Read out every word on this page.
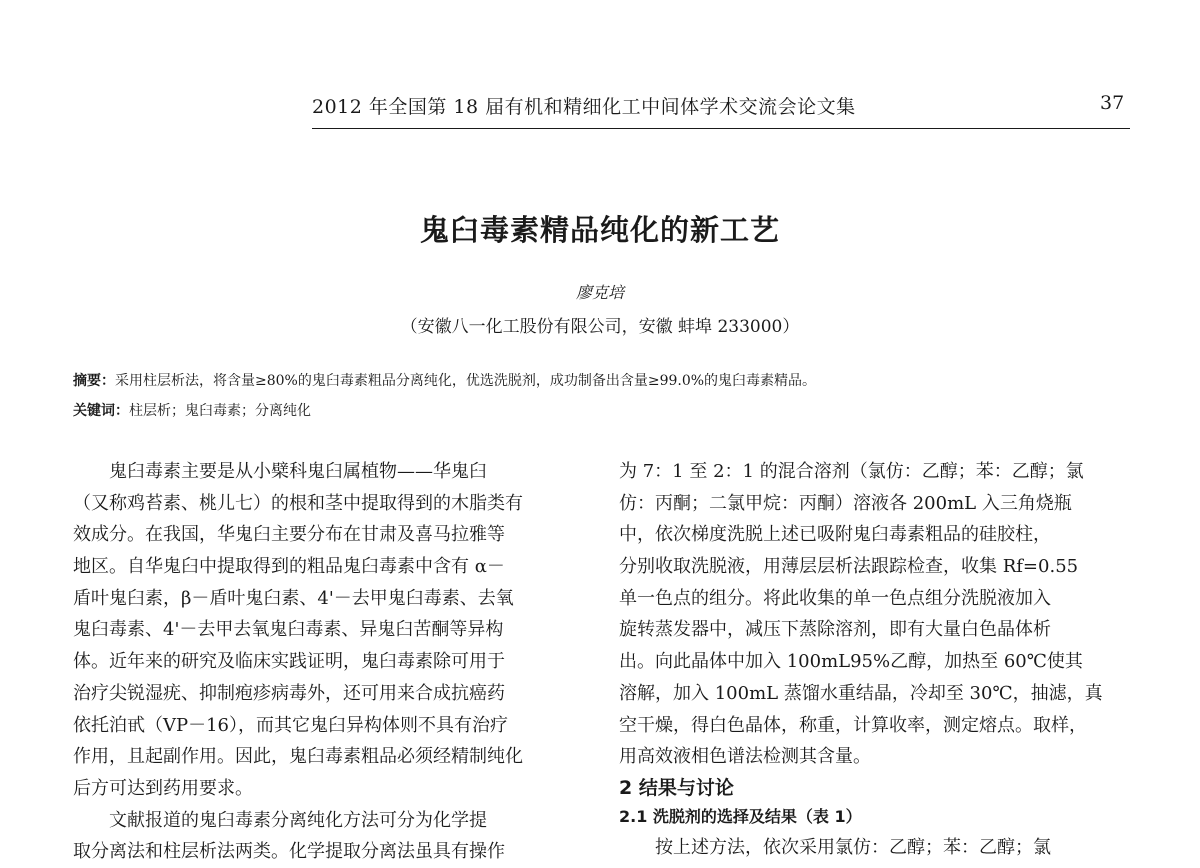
2012 年全国第 18 届有机和精细化工中间体学术交流会论文集	37
鬼臼毒素精品纯化的新工艺
廖克培
（安徽八一化工股份有限公司，安徽 蚌埠 233000）
摘要：采用柱层析法，将含量≥80%的鬼臼毒素粗品分离纯化，优选洗脱剂，成功制备出含量≥99.0%的鬼臼毒素精品。
关键词：柱层析；鬼臼毒素；分离纯化
　　鬼臼毒素主要是从小檗科鬼臼属植物——华鬼臼
（又称鸡苔素、桃儿七）的根和茎中提取得到的木脂类有
效成分。在我国，华鬼臼主要分布在甘肃及喜马拉雅等
地区。自华鬼臼中提取得到的粗品鬼臼毒素中含有 α－
盾叶鬼臼素，β－盾叶鬼臼素、4'－去甲鬼臼毒素、去氧
鬼臼毒素、4'－去甲去氧鬼臼毒素、异鬼臼苦酮等异构
体。近年来的研究及临床实践证明，鬼臼毒素除可用于
治疗尖锐湿疣、抑制疱疹病毒外，还可用来合成抗癌药
依托泊甙（VP－16），而其它鬼臼异构体则不具有治疗
作用，且起副作用。因此，鬼臼毒素粗品必须经精制纯化
后方可达到药用要求。
　　文献报道的鬼臼毒素分离纯化方法可分为化学提
取分离法和柱层析法两类。化学提取分离法虽具有操作
为 7：1 至 2：1 的混合溶剂（氯仿：乙醇；苯：乙醇；氯
仿：丙酮；二氯甲烷：丙酮）溶液各 200mL 入三角烧瓶
中，依次梯度洗脱上述已吸附鬼臼毒素粗品的硅胶柱，
分别收取洗脱液，用薄层层析法跟踪检查，收集 Rf=0.55
单一色点的组分。将此收集的单一色点组分洗脱液加入
旋转蒸发器中，减压下蒸除溶剂，即有大量白色晶体析
出。向此晶体中加入 100mL95%乙醇，加热至 60℃使其
溶解，加入 100mL 蒸馏水重结晶，冷却至 30℃，抽滤，真
空干燥，得白色晶体，称重，计算收率，测定熔点。取样，
用高效液相色谱法检测其含量。
2 结果与讨论
2.1 洗脱剂的选择及结果（表 1）
　　按上述方法，依次采用氯仿：乙醇；苯：乙醇；氯
